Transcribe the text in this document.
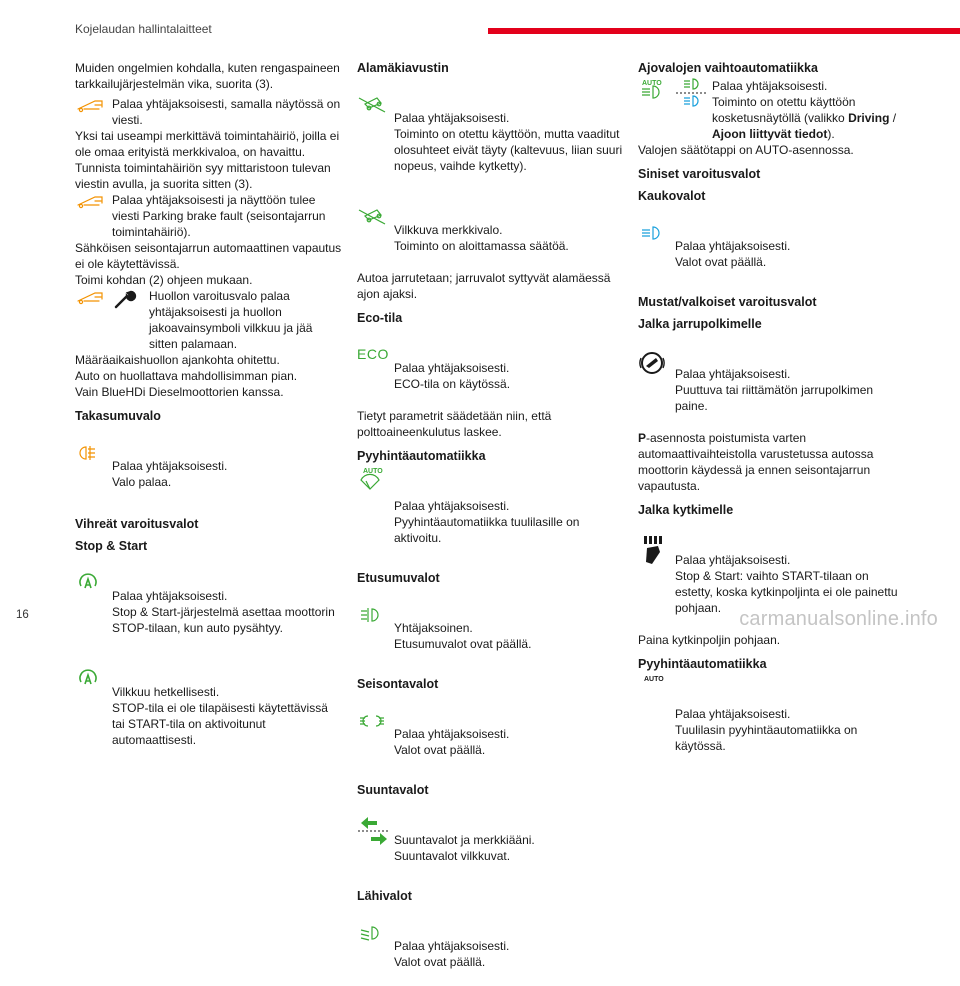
Kojelaudan hallintalaitteet

Muiden ongelmien kohdalla, kuten rengaspaineen tarkkailujärjestelmän vika, suorita (3).

Palaa yhtäjaksoisesti, samalla näytössä on viesti.

Yksi tai useampi merkittävä toimintahäiriö, joilla ei ole omaa erityistä merkkivaloa, on havaittu. Tunnista toimintahäiriön syy mittaristoon tulevan viestin avulla, ja suorita sitten (3).

Palaa yhtäjaksoisesti ja näyttöön tulee viesti Parking brake fault (seisontajarrun toimintahäiriö).

Sähköisen seisontajarrun automaattinen vapautus ei ole käytettävissä.

Toimi kohdan (2) ohjeen mukaan.

Huollon varoitusvalo palaa yhtäjaksoisesti ja huollon jakoavainsymboli vilkkuu ja jää sitten palamaan.

Määräaikaishuollon ajankohta ohitettu.

Auto on huollattava mahdollisimman pian.

Vain BlueHDi Dieselmoottorien kanssa.

Takasumuvalo

Palaa yhtäjaksoisesti.
Valo palaa.

Vihreät varoitusvalot
Stop & Start

Palaa yhtäjaksoisesti.
Stop & Start-järjestelmä asettaa moottorin STOP-tilaan, kun auto pysähtyy.

Vilkkuu hetkellisesti.
STOP-tila ei ole tilapäisesti käytettävissä tai START-tila on aktivoitunut automaattisesti.

Alamäkiavustin

Palaa yhtäjaksoisesti.
Toiminto on otettu käyttöön, mutta vaaditut olosuhteet eivät täyty (kaltevuus, liian suuri nopeus, vaihde kytketty).

Vilkkuva merkkivalo.
Toiminto on aloittamassa säätöä.

Autoa jarrutetaan; jarruvalot syttyvät alamäessä ajon ajaksi.

Eco-tila

ECO

Palaa yhtäjaksoisesti.
ECO-tila on käytössä.

Tietyt parametrit säädetään niin, että polttoaineenkulutus laskee.

Pyyhintäautomatiikka

AUTO

Palaa yhtäjaksoisesti.
Pyyhintäautomatiikka tuulilasille on aktivoitu.

Etusumuvalot

Yhtäjaksoinen.
Etusumuvalot ovat päällä.

Seisontavalot

Palaa yhtäjaksoisesti.
Valot ovat päällä.

Suuntavalot

Suuntavalot ja merkkiääni.
Suuntavalot vilkkuvat.

Lähivalot

Palaa yhtäjaksoisesti.
Valot ovat päällä.

Ajovalojen vaihtoautomatiikka
AUTO	Palaa yhtäjaksoisesti.
Toiminto on otettu käyttöön kosketusnäytöllä (valikko Driving / Ajoon liittyvät tiedot).

Valojen säätötappi on AUTO-asennossa.

Siniset varoitusvalot
Kaukovalot

Palaa yhtäjaksoisesti.
Valot ovat päällä.

Mustat/valkoiset varoitusvalot
Jalka jarrupolkimelle

Palaa yhtäjaksoisesti.
Puuttuva tai riittämätön jarrupolkimen paine.

P-asennosta poistumista varten automaattivaihteistolla varustetussa autossa moottorin käydessä ja ennen seisontajarrun vapautusta.

Jalka kytkimelle

Palaa yhtäjaksoisesti.
Stop & Start: vaihto START-tilaan on estetty, koska kytkinpoljinta ei ole painettu pohjaan.

Paina kytkinpoljin pohjaan.

Pyyhintäautomatiikka

AUTO

Palaa yhtäjaksoisesti.
Tuulilasin pyyhintäautomatiikka on käytössä.

16	carmanualsonline.info
